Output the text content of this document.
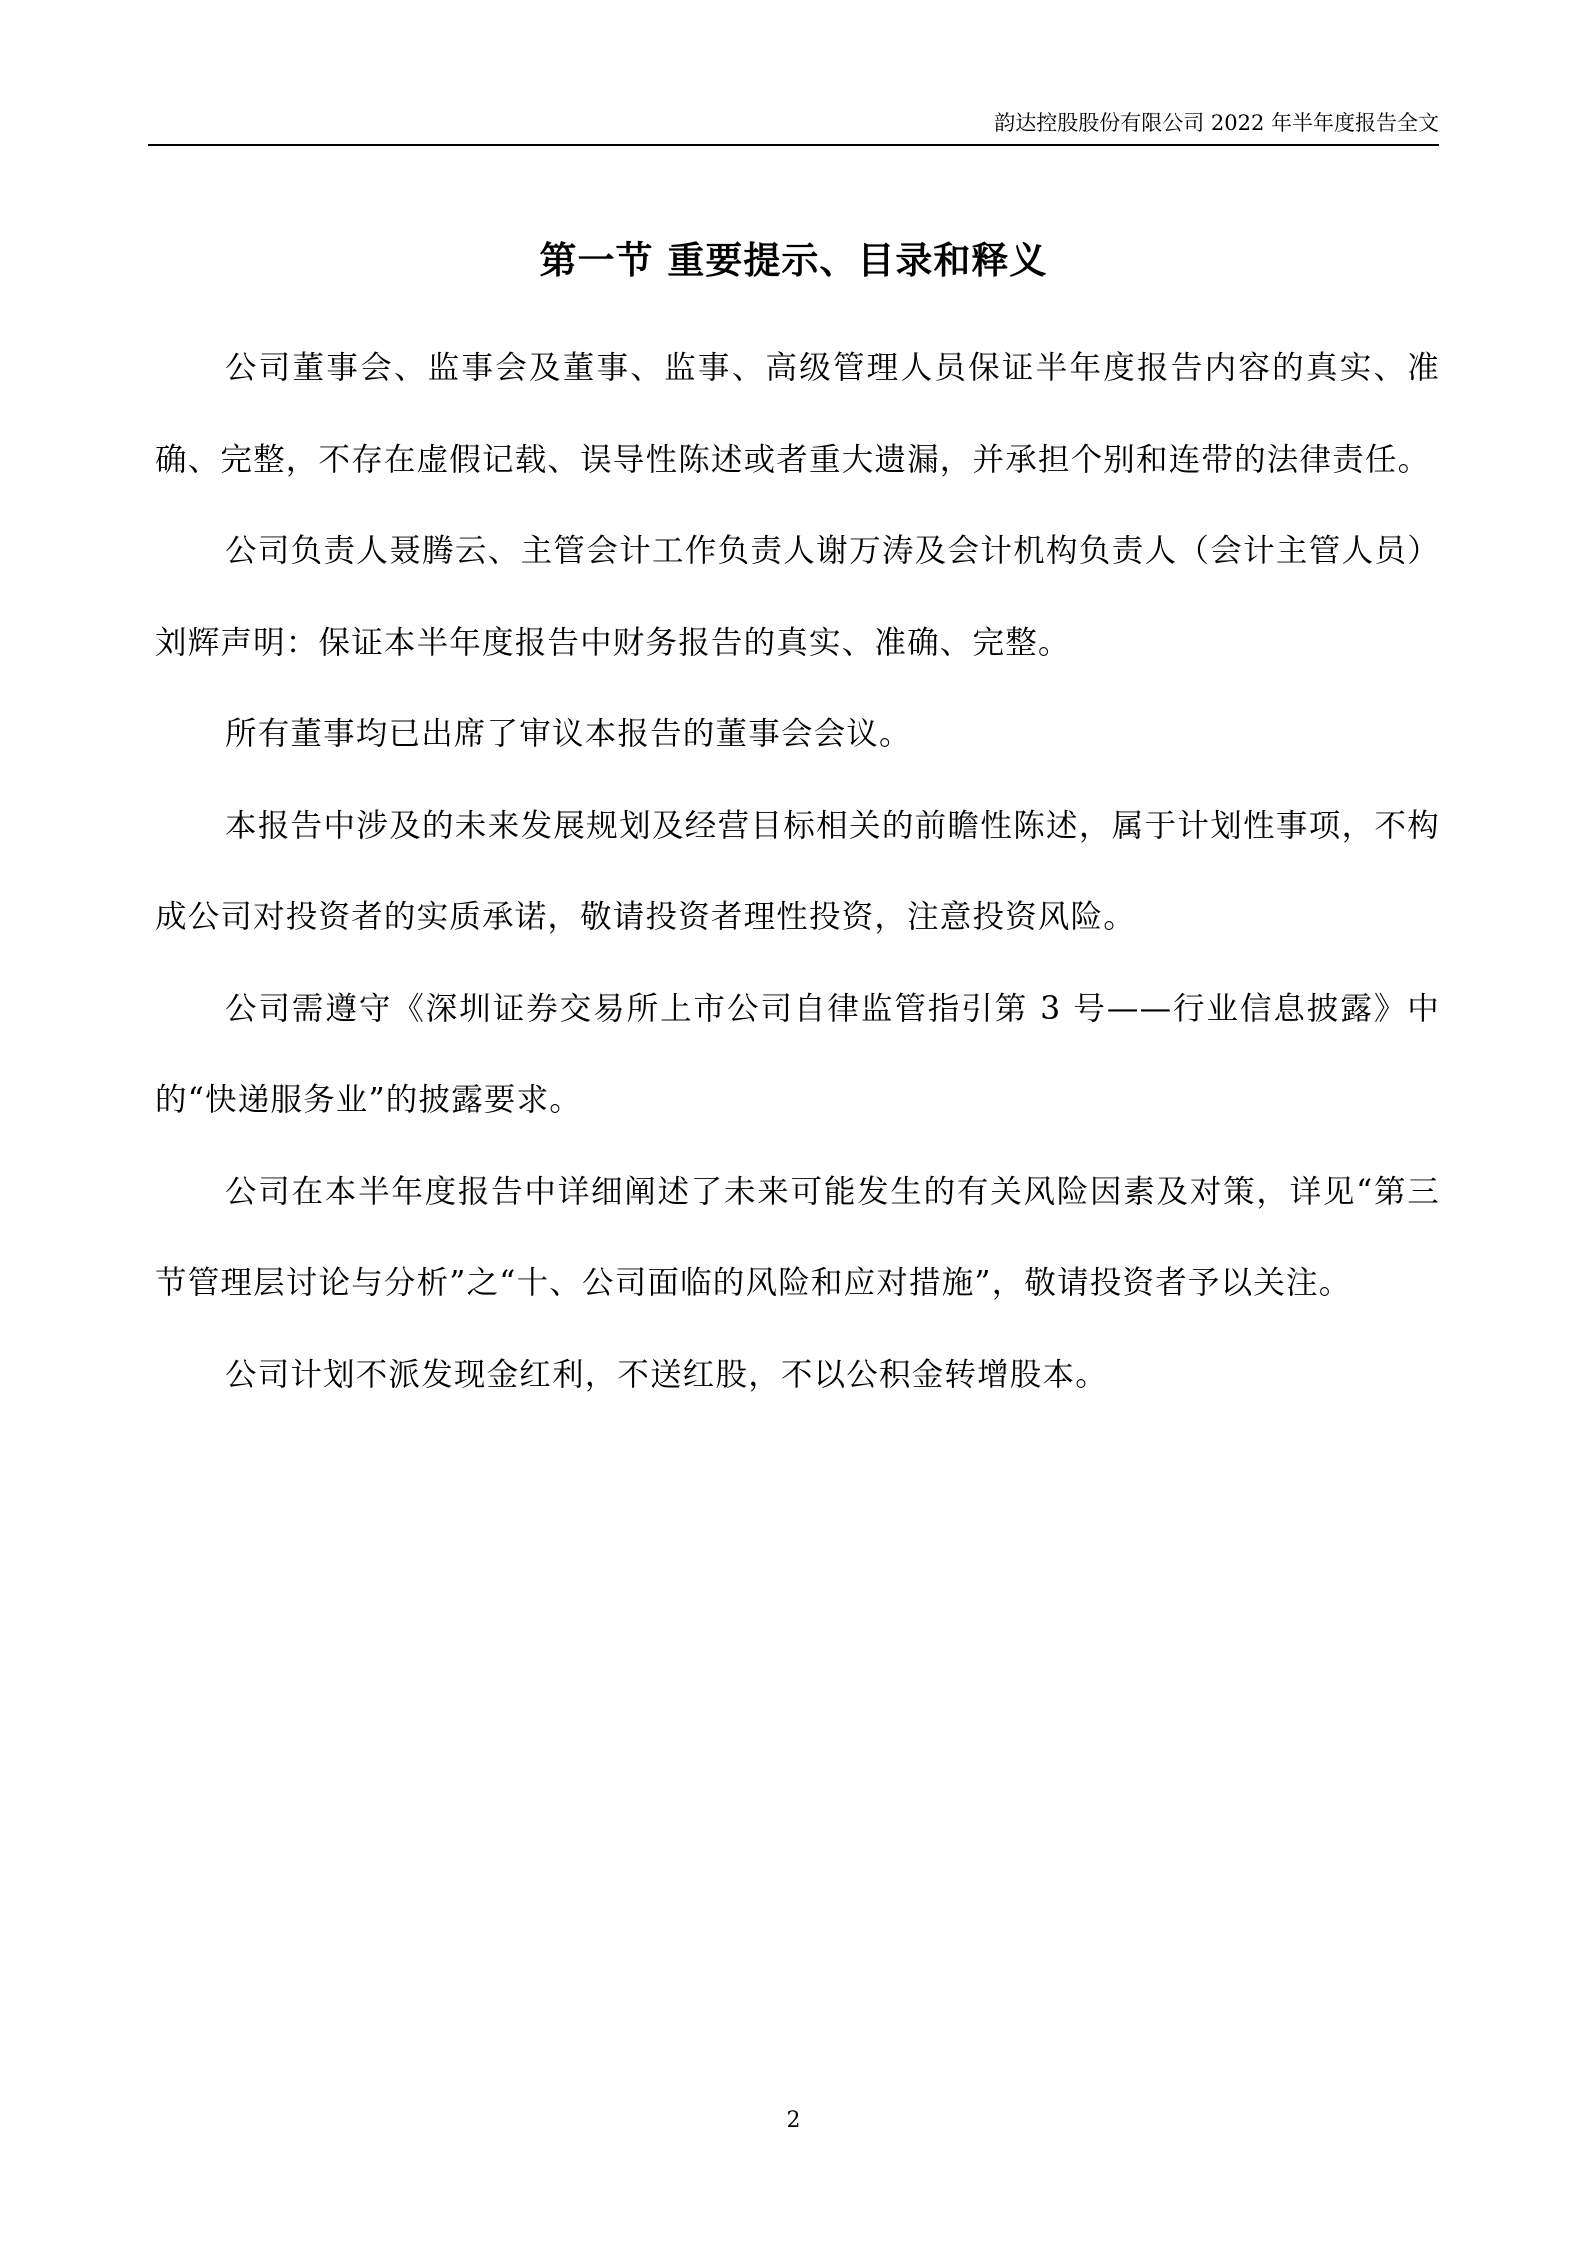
韵达控股股份有限公司 2022 年半年度报告全文
第一节 重要提示、目录和释义

公司董事会、监事会及董事、监事、高级管理人员保证半年度报告内容的真实、准确、完整，不存在虚假记载、误导性陈述或者重大遗漏，并承担个别和连带的法律责任。

公司负责人聂腾云、主管会计工作负责人谢万涛及会计机构负责人（会计主管人员）刘辉声明：保证本半年度报告中财务报告的真实、准确、完整。

所有董事均已出席了审议本报告的董事会会议。

本报告中涉及的未来发展规划及经营目标相关的前瞻性陈述，属于计划性事项，不构成公司对投资者的实质承诺，敬请投资者理性投资，注意投资风险。

公司需遵守《深圳证券交易所上市公司自律监管指引第 3 号——行业信息披露》中的“快递服务业”的披露要求。

公司在本半年度报告中详细阐述了未来可能发生的有关风险因素及对策，详见“第三节管理层讨论与分析”之“十、公司面临的风险和应对措施”，敬请投资者予以关注。

公司计划不派发现金红利，不送红股，不以公积金转增股本。

2
